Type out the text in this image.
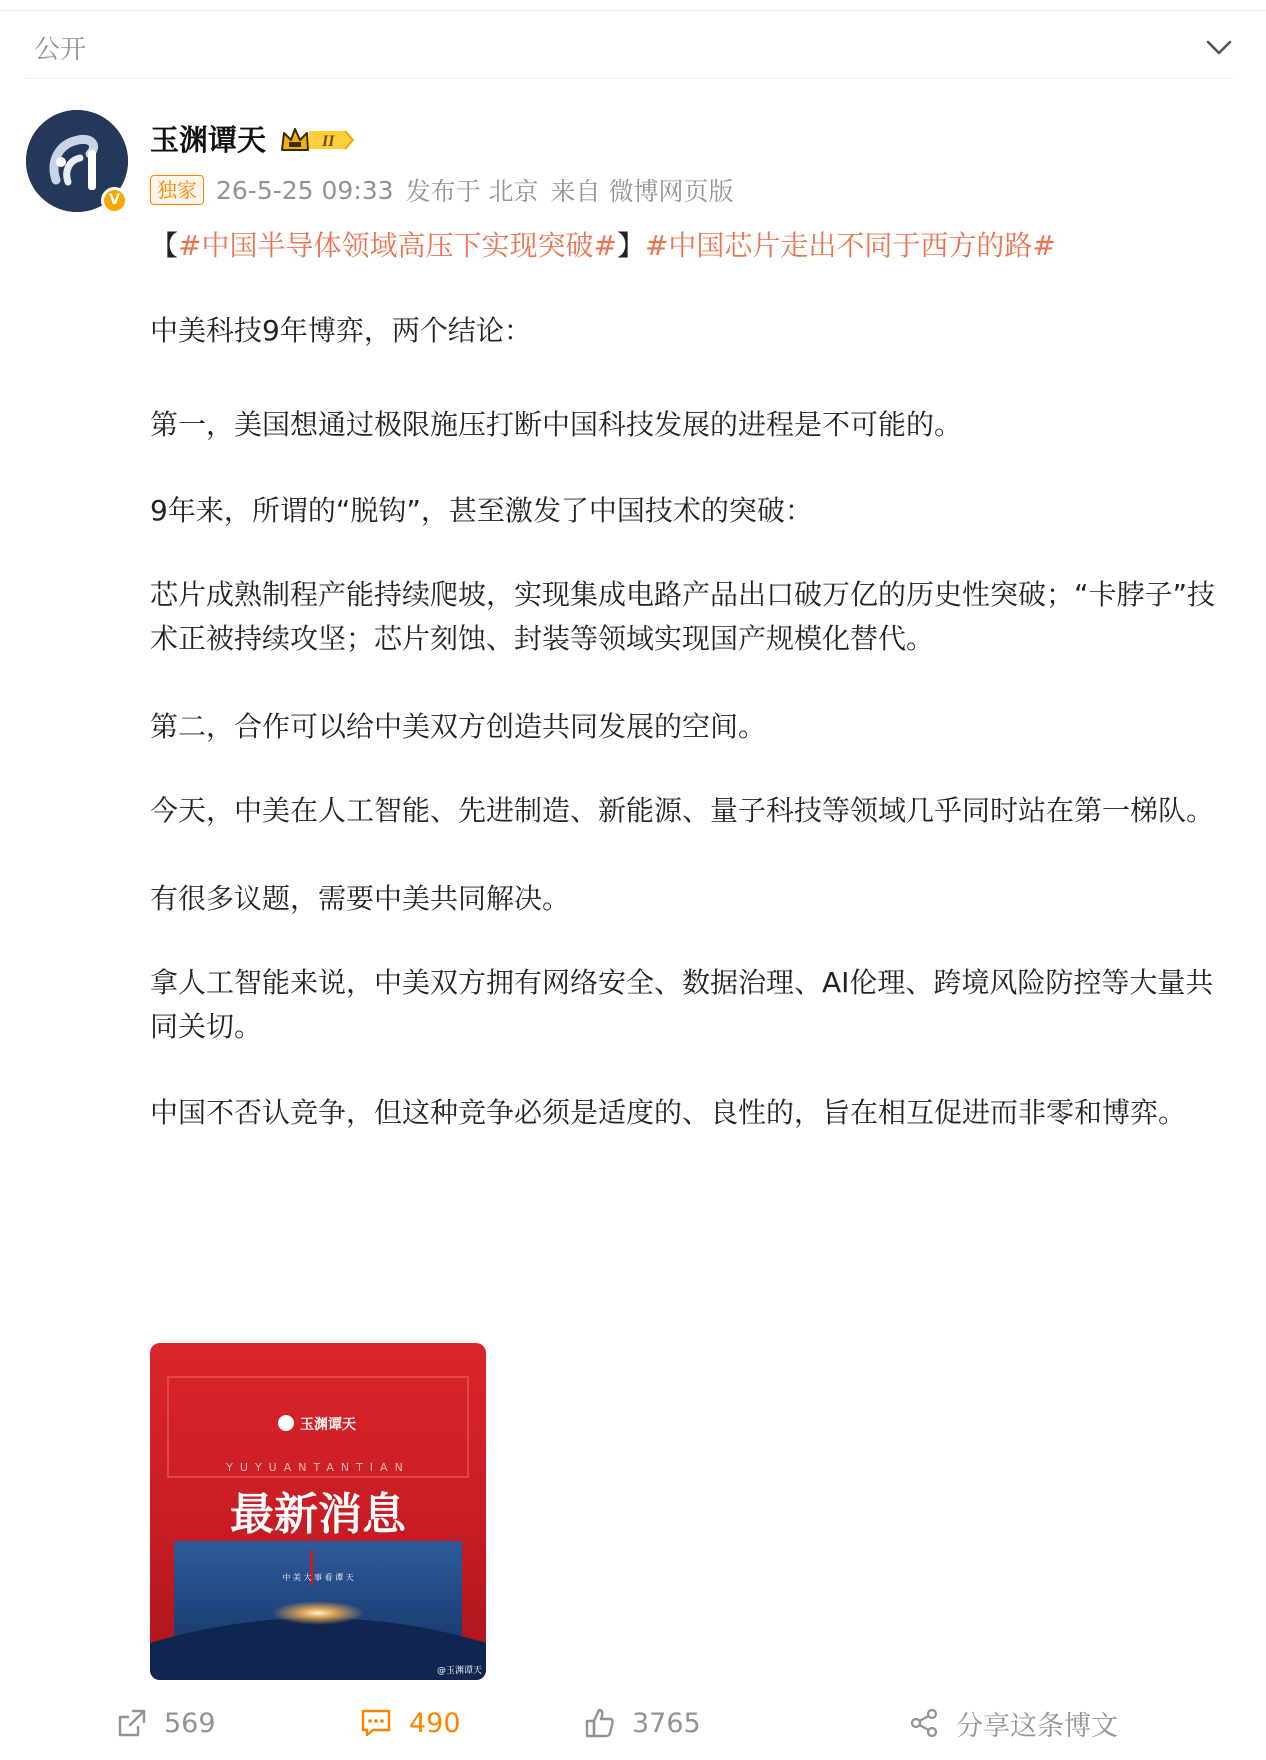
公开
V
玉渊谭天	II
独家 26-5-25 09:33 发布于 北京 来自 微博网页版

【#中国半导体领域高压下实现突破#】#中国芯片走出不同于西方的路#

中美科技9年博弈，两个结论：

第一，美国想通过极限施压打断中国科技发展的进程是不可能的。

9年来，所谓的“脱钩”，甚至激发了中国技术的突破：

芯片成熟制程产能持续爬坡，实现集成电路产品出口破万亿的历史性突破；“卡脖子”技术正被持续攻坚；芯片刻蚀、封装等领域实现国产规模化替代。

第二，合作可以给中美双方创造共同发展的空间。

今天，中美在人工智能、先进制造、新能源、量子科技等领域几乎同时站在第一梯队。

有很多议题，需要中美共同解决。

拿人工智能来说，中美双方拥有网络安全、数据治理、AI伦理、跨境风险防控等大量共同关切。

中国不否认竞争，但这种竞争必须是适度的、良性的，旨在相互促进而非零和博弈。

玉渊谭天
YUYUANTANTIAN
最新消息
中 美 大 事 看 谭 天
@玉渊谭天
569	490	3765	分享这条博文
